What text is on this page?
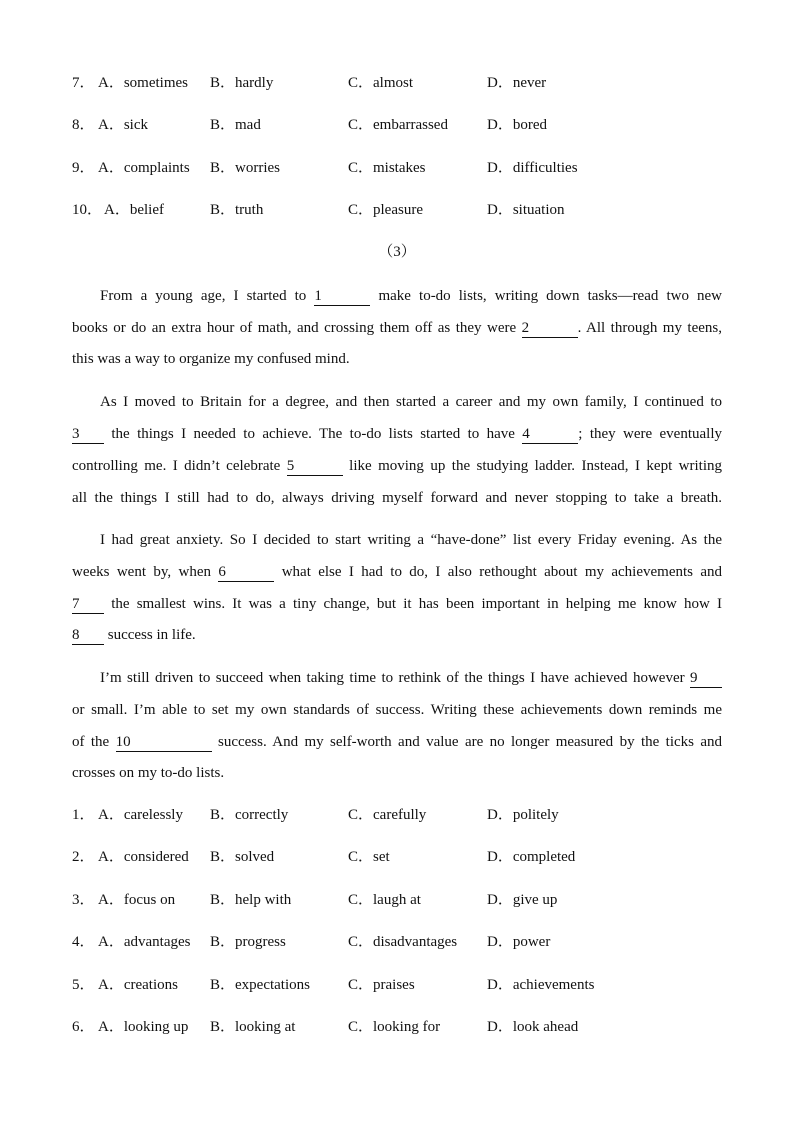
7． A．sometimes B．hardly	C．almost	D．never
8． A．sick	B．mad	C．embarrassed	D．bored
9． A．complaints B．worries	C．mistakes	D．difficulties
10． A．belief	B．truth	C．pleasure	D．situation
（3）
From a young age, I started to 1	make to-do lists, writing down tasks—read two new
books or do an extra hour of math, and crossing them off as they were 2	. All through my teens,
this was a way to organize my confused mind.
As I moved to Britain for a degree, and then started a career and my own family, I continued to
3 the things I needed to achieve. The to-do lists started to have 4	; they were eventually
controlling me. I didn’t celebrate 5	like moving up the studying ladder. Instead, I kept writing
all the things I still had to do, always driving myself forward and never stopping to take a breath.
I had great anxiety. So I decided to start writing a “have-done” list every Friday evening. As the
weeks went by, when 6	what else I had to do, I also rethought about my achievements and
7 the smallest wins. It was a tiny change, but it has been important in helping me know how I
8 success in life.
I’m still driven to succeed when taking time to rethink of the things I have achieved however 9
or small. I’m able to set my own standards of success. Writing these achievements down reminds me
of the 10	success. And my self-worth and value are no longer measured by the ticks and
crosses on my to-do lists.
1． A．carelessly B．correctly	C．carefully	D．politely
2． A．considered B．solved	C．set	D．completed
3． A．focus on B．help with	C．laugh at	D．give up
4． A．advantages B．progress	C．disadvantages D．power
5． A．creations B．expectations	C．praises	D．achievements
6． A．looking up B．looking at	C．looking for	D．look ahead
